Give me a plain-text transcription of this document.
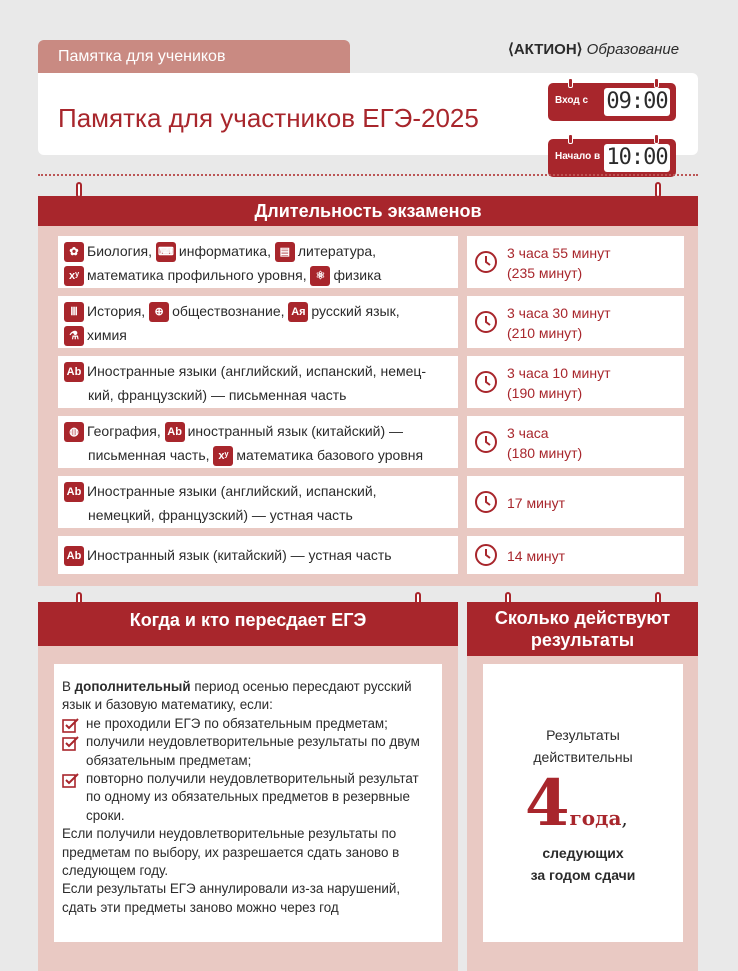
Памятка для учеников	⟨АКТИОН⟩ Образование
Памятка для участников ЕГЭ-2025
Вход с 09:00
Начало в 10:00
Длительность экзаменов
✿ Биология, ⌨ информатика, ▤ литература,
xʸ математика профильного уровня, ⚛ физика
3 часа 55 минут
(235 минут)
Ⅲ История, ⊕ обществознание, Ая русский язык,
⚗ химия
3 часа 30 минут
(210 минут)
Ab Иностранные языки (английский, испанский, немец-
кий, французский) — письменная часть
3 часа 10 минут
(190 минут)
◍ География, Ab иностранный язык (китайский) —
письменная часть, xʸ математика базового уровня
3 часа
(180 минут)
Ab Иностранные языки (английский, испанский,
немецкий, французский) — устная часть
17 минут
Ab Иностранный язык (китайский) — устная часть	14 минут
Когда и кто пересдает ЕГЭ
В дополнительный период осенью пересдают русский язык и базовую математику, если:
не проходили ЕГЭ по обязательным предметам;
получили неудовлетворительные результаты по двум обязательным предметам;
повторно получили неудовлетворительный результат по одному из обязательных предметов в резервные сроки.
Если получили неудовлетворительные результаты по предметам по выбору, их разрешается сдать заново в следующем году.
Если результаты ЕГЭ аннулировали из-за нарушений, сдать эти предметы заново можно через год
Сколько действуют
результаты
Результаты
действительны
4года,
следующих
за годом сдачи
